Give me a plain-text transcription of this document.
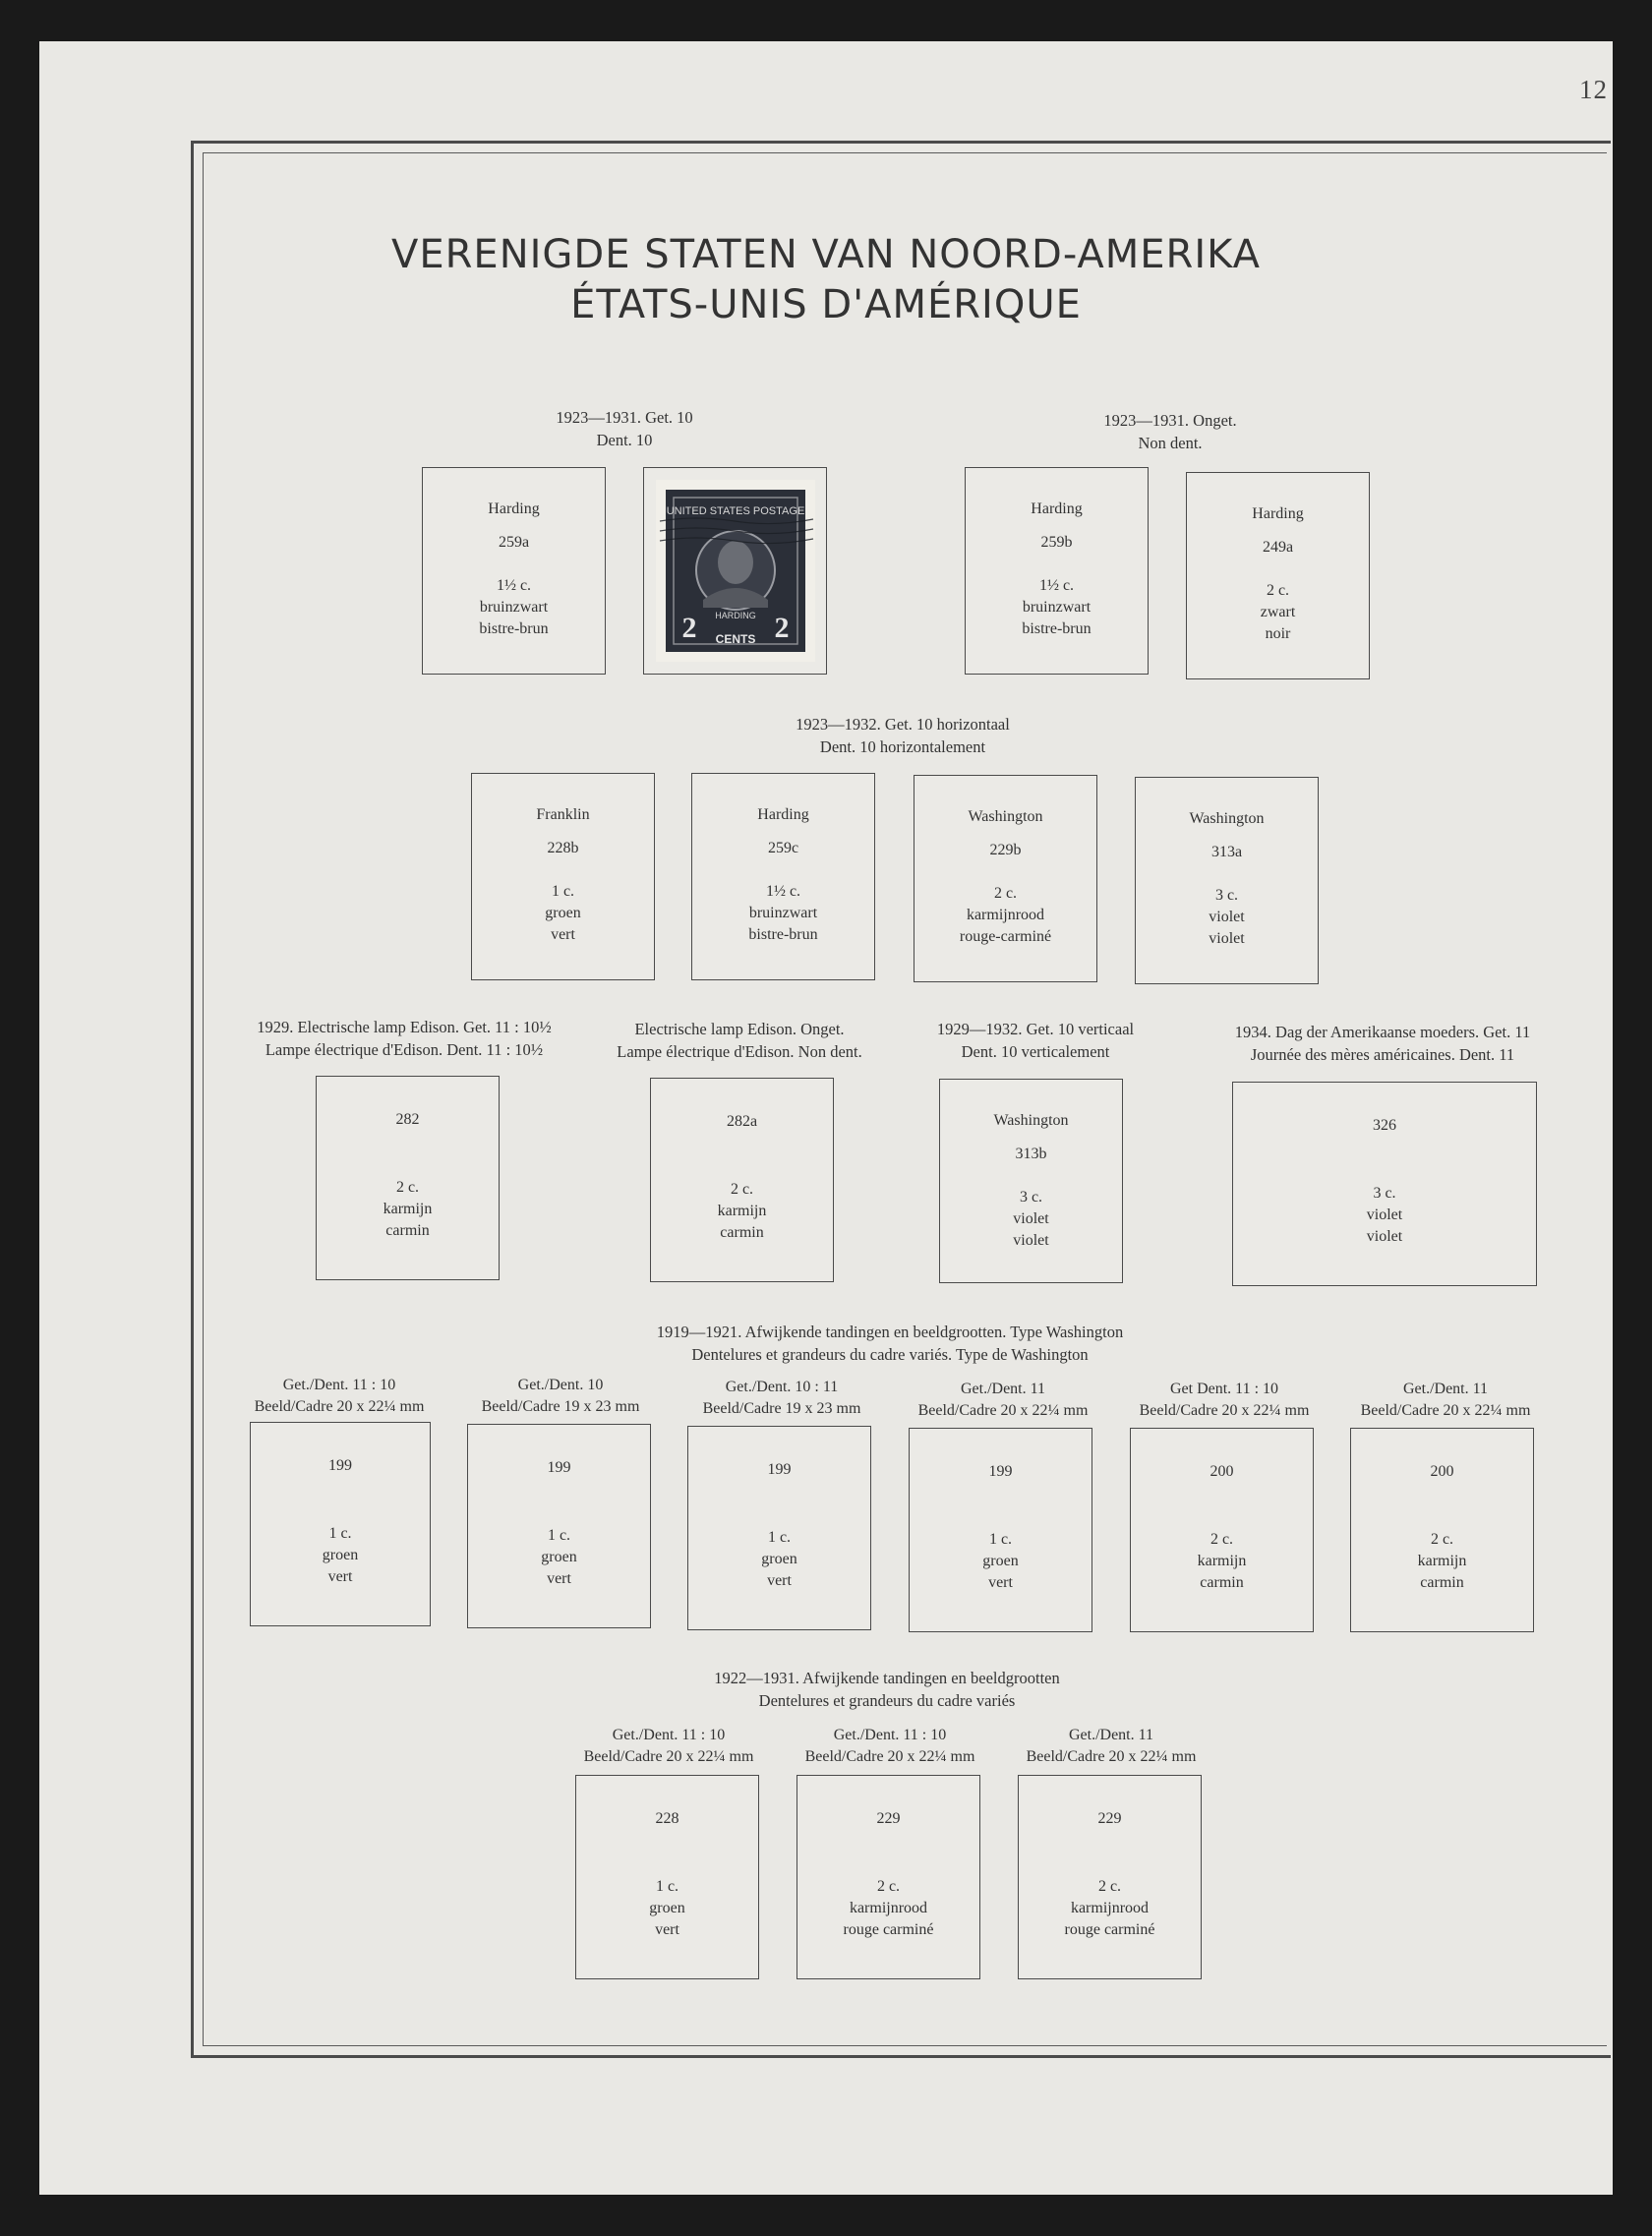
12
VERENIGDE STATEN VAN NOORD-AMERIKA
ÉTATS-UNIS D'AMÉRIQUE
1923—1931. Get. 10
Dent. 10
1923—1931. Onget.
Non dent.
1923—1932. Get. 10 horizontaal
Dent. 10 horizontalement
1929. Electrische lamp Edison. Get. 11 : 10½
Lampe électrique d'Edison. Dent. 11 : 10½
Electrische lamp Edison. Onget.
Lampe électrique d'Edison. Non dent.
1929—1932. Get. 10 verticaal
Dent. 10 verticalement
1934. Dag der Amerikaanse moeders. Get. 11
Journée des mères américaines. Dent. 11
1919—1921. Afwijkende tandingen en beeldgrootten. Type Washington
Dentelures et grandeurs du cadre variés. Type de Washington
1922—1931. Afwijkende tandingen en beeldgrootten
Dentelures et grandeurs du cadre variés
UNITED STATES POSTAGE
HARDING
2	2
CENTS
Get./Dent. 11 : 10
Beeld/Cadre 20 x 22¼ mm
Get./Dent. 10
Beeld/Cadre 19 x 23 mm
Get./Dent. 10 : 11
Beeld/Cadre 19 x 23 mm
Get./Dent. 11
Beeld/Cadre 20 x 22¼ mm
Get Dent. 11 : 10
Beeld/Cadre 20 x 22¼ mm
Get./Dent. 11
Beeld/Cadre 20 x 22¼ mm
Get./Dent. 11 : 10
Beeld/Cadre 20 x 22¼ mm
Get./Dent. 11 : 10
Beeld/Cadre 20 x 22¼ mm
Get./Dent. 11
Beeld/Cadre 20 x 22¼ mm
Harding
259a
1½ c.
bruinzwart
bistre-brun
Harding
259b
1½ c.
bruinzwart
bistre-brun
Harding
249a
2 c.
zwart
noir
Franklin
228b
1 c.
groen
vert
Harding
259c
1½ c.
bruinzwart
bistre-brun
Washington
229b
2 c.
karmijnrood
rouge-carminé
Washington
313a
3 c.
violet
violet
282
2 c.
karmijn
carmin
282a
2 c.
karmijn
carmin
Washington
313b
3 c.
violet
violet
326
3 c.
violet
violet
199
1 c.
groen
vert
199
1 c.
groen
vert
199
1 c.
groen
vert
199
1 c.
groen
vert
200
2 c.
karmijn
carmin
200
2 c.
karmijn
carmin
228
1 c.
groen
vert
229
2 c.
karmijnrood
rouge carminé
229
2 c.
karmijnrood
rouge carminé
